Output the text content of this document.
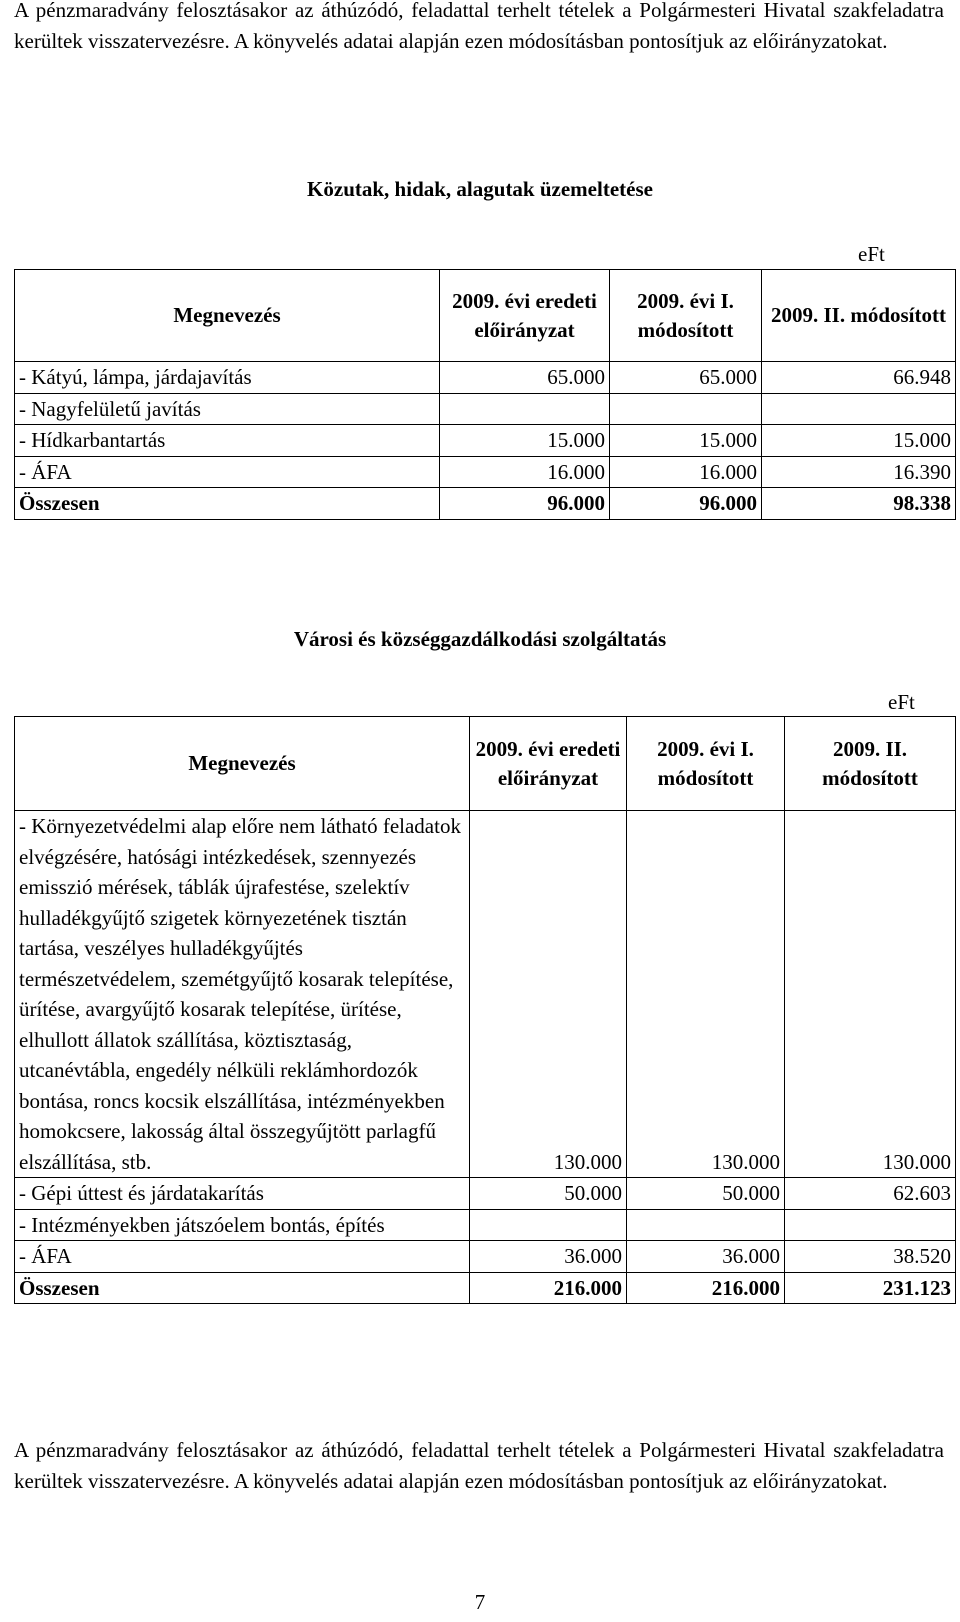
A pénzmaradvány felosztásakor az áthúzódó, feladattal terhelt tételek a Polgármesteri Hivatal szakfeladatra kerültek visszatervezésre. A könyvelés adatai alapján ezen módosításban pontosítjuk az előirányzatokat.

Közutak, hidak, alagutak üzemeltetése
eFt
Megnevezés	2009. évi eredeti előirányzat	2009. évi I. módosított	2009. II. módosított
- Kátyú, lámpa, járdajavítás	65.000	65.000	66.948
- Nagyfelületű javítás			
- Hídkarbantartás	15.000	15.000	15.000
- ÁFA	16.000	16.000	16.390
Összesen	96.000	96.000	98.338
Városi és községgazdálkodási szolgáltatás
eFt
Megnevezés	2009. évi eredeti előirányzat	2009. évi I. módosított	2009. II. módosított
- Környezetvédelmi alap előre nem látható feladatok elvégzésére, hatósági intézkedések, szennyezés emisszió mérések, táblák újrafestése, szelektív hulladékgyűjtő szigetek környezetének tisztán tartása, veszélyes hulladékgyűjtés természetvédelem, szemétgyűjtő kosarak telepítése, ürítése, avargyűjtő kosarak telepítése, ürítése, elhullott állatok szállítása, köztisztaság, utcanévtábla, engedély nélküli reklámhordozók bontása, roncs kocsik elszállítása, intézményekben homokcsere, lakosság által összegyűjtött parlagfű elszállítása, stb.	130.000	130.000	130.000
- Gépi úttest és járdatakarítás	50.000	50.000	62.603
- Intézményekben játszóelem bontás, építés			
- ÁFA	36.000	36.000	38.520
Összesen	216.000	216.000	231.123

A pénzmaradvány felosztásakor az áthúzódó, feladattal terhelt tételek a Polgármesteri Hivatal szakfeladatra kerültek visszatervezésre. A könyvelés adatai alapján ezen módosításban pontosítjuk az előirányzatokat.

7
